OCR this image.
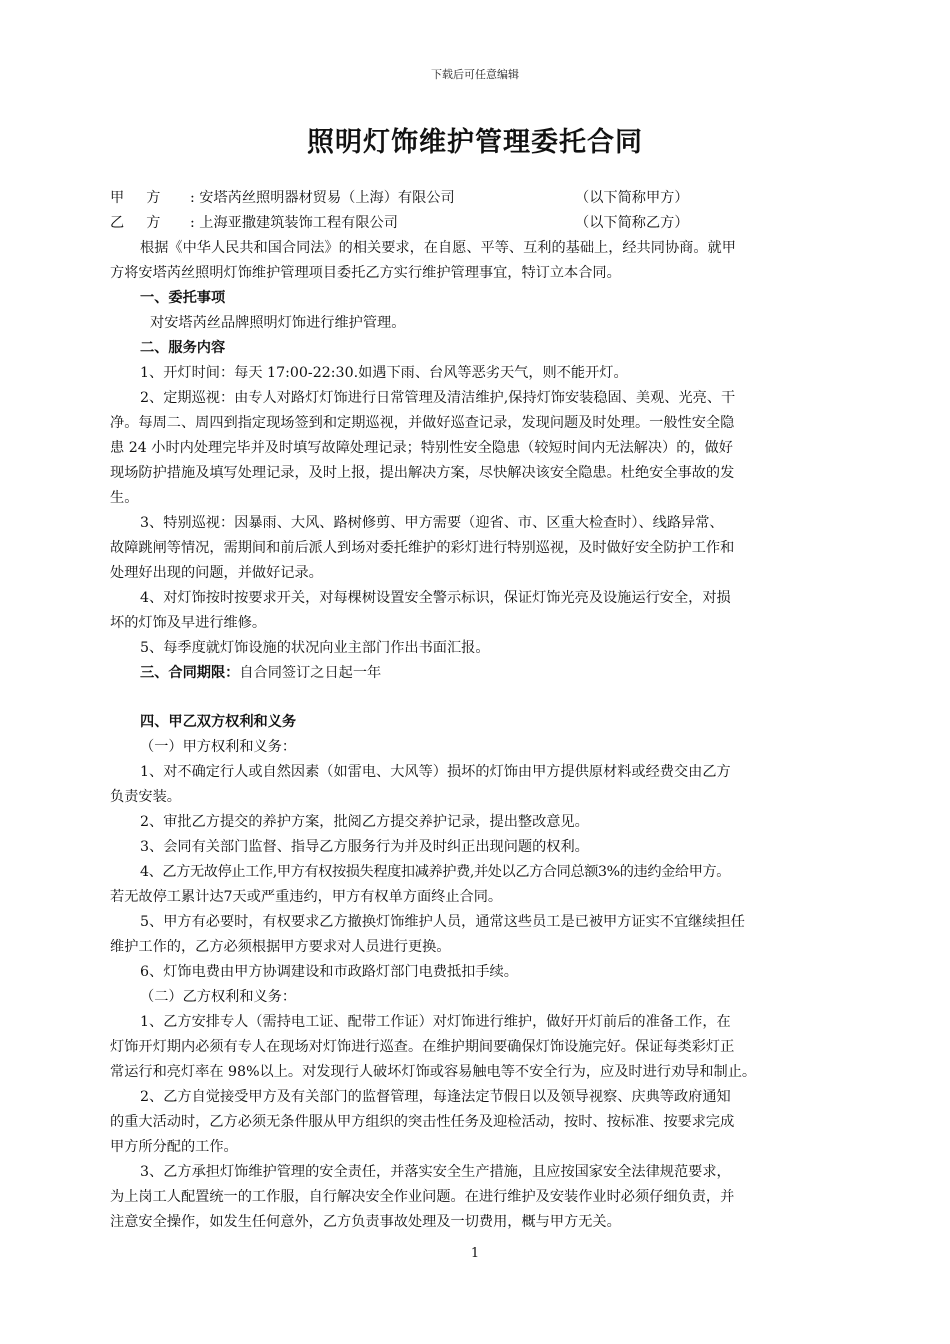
下载后可任意编辑
照明灯饰维护管理委托合同
甲方 : 安塔芮丝照明器材贸易（上海）有限公司	（以下简称甲方）
乙方 : 上海亚撒建筑装饰工程有限公司	（以下简称乙方）
根据《中华人民共和国合同法》的相关要求，在自愿、平等、互利的基础上，经共同协商。就甲
方将安塔芮丝照明灯饰维护管理项目委托乙方实行维护管理事宜，特订立本合同。
一、委托事项
对安塔芮丝品牌照明灯饰进行维护管理。
二、服务内容
1、开灯时间：每天 17:00-22:30.如遇下雨、台风等恶劣天气，则不能开灯。
2、定期巡视：由专人对路灯灯饰进行日常管理及清洁维护,保持灯饰安装稳固、美观、光亮、干
净。每周二、周四到指定现场签到和定期巡视，并做好巡查记录，发现问题及时处理。一般性安全隐
患 24 小时内处理完毕并及时填写故障处理记录；特别性安全隐患（较短时间内无法解决）的，做好
现场防护措施及填写处理记录，及时上报，提出解决方案，尽快解决该安全隐患。杜绝安全事故的发
生。
3、特别巡视：因暴雨、大风、路树修剪、甲方需要（迎省、市、区重大检查时）、线路异常、
故障跳闸等情况，需期间和前后派人到场对委托维护的彩灯进行特别巡视，及时做好安全防护工作和
处理好出现的问题，并做好记录。
4、对灯饰按时按要求开关，对每棵树设置安全警示标识，保证灯饰光亮及设施运行安全，对损
坏的灯饰及早进行维修。
5、每季度就灯饰设施的状况向业主部门作出书面汇报。
三、合同期限：自合同签订之日起一年
四、甲乙双方权利和义务
（一）甲方权利和义务：
1、对不确定行人或自然因素（如雷电、大风等）损坏的灯饰由甲方提供原材料或经费交由乙方
负责安装。
2、审批乙方提交的养护方案，批阅乙方提交养护记录，提出整改意见。
3、会同有关部门监督、指导乙方服务行为并及时纠正出现问题的权利。
4、乙方无故停止工作,甲方有权按损失程度扣减养护费,并处以乙方合同总额3%的违约金给甲方。
若无故停工累计达7天或严重违约，甲方有权单方面终止合同。
5、甲方有必要时，有权要求乙方撤换灯饰维护人员，通常这些员工是已被甲方证实不宜继续担任
维护工作的，乙方必须根据甲方要求对人员进行更换。
6、灯饰电费由甲方协调建设和市政路灯部门电费抵扣手续。
（二）乙方权利和义务：
1、乙方安排专人（需持电工证、配带工作证）对灯饰进行维护，做好开灯前后的准备工作，在
灯饰开灯期内必须有专人在现场对灯饰进行巡查。在维护期间要确保灯饰设施完好。保证每类彩灯正
常运行和亮灯率在 98%以上。对发现行人破坏灯饰或容易触电等不安全行为，应及时进行劝导和制止。
2、乙方自觉接受甲方及有关部门的监督管理，每逢法定节假日以及领导视察、庆典等政府通知
的重大活动时，乙方必须无条件服从甲方组织的突击性任务及迎检活动，按时、按标准、按要求完成
甲方所分配的工作。
3、乙方承担灯饰维护管理的安全责任，并落实安全生产措施，且应按国家安全法律规范要求，
为上岗工人配置统一的工作服，自行解决安全作业问题。在进行维护及安装作业时必须仔细负责，并
注意安全操作，如发生任何意外，乙方负责事故处理及一切费用，概与甲方无关。
1
